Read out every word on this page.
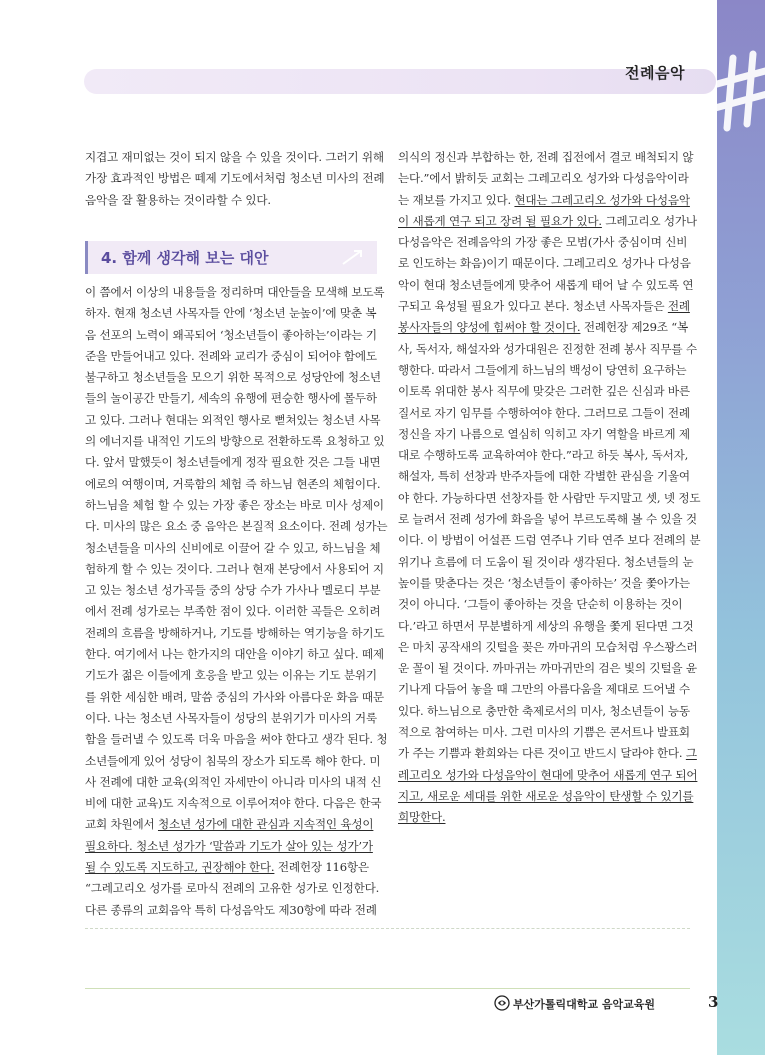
전례음악
지겹고 재미없는 것이 되지 않을 수 있을 것이다. 그러기 위해
가장 효과적인 방법은 떼제 기도에서처럼 청소년 미사의 전례
음악을 잘 활용하는 것이라할 수 있다.
4. 함께 생각해 보는 대안
이 쯤에서 이상의 내용들을 정리하며 대안들을 모색해 보도록
하자. 현재 청소년 사목자들 안에 ‘청소년 눈높이’에 맞춘 복
음 선포의 노력이 왜곡되어 ‘청소년들이 좋아하는’이라는 기
준을 만들어내고 있다. 전례와 교리가 중심이 되어야 함에도
불구하고 청소년들을 모으기 위한 목적으로 성당안에 청소년
들의 놀이공간 만들기, 세속의 유행에 편승한 행사에 몰두하
고 있다. 그러나 현대는 외적인 행사로 뻗쳐있는 청소년 사목
의 에너지를 내적인 기도의 방향으로 전환하도록 요청하고 있
다. 앞서 말했듯이 청소년들에게 정작 필요한 것은 그들 내면
에로의 여행이며, 거룩함의 체험 즉 하느님 현존의 체험이다.
하느님을 체험 할 수 있는 가장 좋은 장소는 바로 미사 성제이
다. 미사의 많은 요소 중 음악은 본질적 요소이다. 전례 성가는
청소년들을 미사의 신비에로 이끌어 갈 수 있고, 하느님을 체
험하게 할 수 있는 것이다. 그러나 현재 본당에서 사용되어 지
고 있는 청소년 성가곡들 중의 상당 수가 가사나 멜로디 부분
에서 전례 성가로는 부족한 점이 있다. 이러한 곡들은 오히려
전례의 흐름을 방해하거나, 기도를 방해하는 역기능을 하기도
한다. 여기에서 나는 한가지의 대안을 이야기 하고 싶다. 떼제
기도가 젊은 이들에게 호응을 받고 있는 이유는 기도 분위기
를 위한 세심한 배려, 말씀 중심의 가사와 아름다운 화음 때문
이다. 나는 청소년 사목자들이 성당의 분위기가 미사의 거룩
함을 들러낼 수 있도록 더욱 마음을 써야 한다고 생각 된다. 청
소년들에게 있어 성당이 침묵의 장소가 되도록 해야 한다. 미
사 전례에 대한 교육(외적인 자세만이 아니라 미사의 내적 신
비에 대한 교육)도 지속적으로 이루어져야 한다. 다음은 한국
교회 차원에서 청소년 성가에 대한 관심과 지속적인 육성이
필요하다. 청소년 성가가 ‘말씀과 기도가 살아 있는 성가’가
될 수 있도록 지도하고, 권장해야 한다. 전례헌장 116항은
“그레고리오 성가를 로마식 전례의 고유한 성가로 인정한다.
다른 종류의 교회음악 특히 다성음악도 제30항에 따라 전례
의식의 정신과 부합하는 한, 전례 집전에서 결코 배척되지 않
는다.”에서 밝히듯 교회는 그레고리오 성가와 다성음악이라
는 재보를 가지고 있다. 현대는 그레고리오 성가와 다성음악
이 새롭게 연구 되고 장려 될 필요가 있다. 그레고리오 성가나
다성음악은 전례음악의 가장 좋은 모범(가사 중심이며 신비
로 인도하는 화음)이기 때문이다. 그레고리오 성가나 다성음
악이 현대 청소년들에게 맞추어 새롭게 태어 날 수 있도록 연
구되고 육성될 필요가 있다고 본다. 청소년 사목자들은 전례
봉사자들의 양성에 힘써야 할 것이다. 전례헌장 제29조 “복
사, 독서자, 해설자와 성가대원은 진정한 전례 봉사 직무를 수
행한다. 따라서 그들에게 하느님의 백성이 당연히 요구하는
이토록 위대한 봉사 직무에 맞갖은 그러한 깊은 신심과 바른
질서로 자기 임무를 수행하여야 한다. 그러므로 그들이 전례
정신을 자기 나름으로 열심히 익히고 자기 역할을 바르게 제
대로 수행하도록 교육하여야 한다.”라고 하듯 복사, 독서자,
해설자, 특히 선창과 반주자들에 대한 각별한 관심을 기울여
야 한다. 가능하다면 선창자를 한 사람만 두지말고 셋, 넷 정도
로 늘려서 전례 성가에 화음을 넣어 부르도록해 볼 수 있을 것
이다. 이 방법이 어설픈 드럼 연주나 기타 연주 보다 전례의 분
위기나 흐름에 더 도움이 될 것이라 생각된다. 청소년들의 눈
높이를 맞춘다는 것은 ‘청소년들이 좋아하는’ 것을 쫓아가는
것이 아니다. ‘그들이 좋아하는 것을 단순히 이용하는 것이
다.’라고 하면서 무분별하게 세상의 유행을 쫓게 된다면 그것
은 마치 공작새의 깃털을 꽂은 까마귀의 모습처럼 우스꽝스러
운 꼴이 될 것이다. 까마귀는 까마귀만의 검은 빛의 깃털을 윤
기나게 다듬어 놓을 때 그만의 아름다움을 제대로 드어낼 수
있다. 하느님으로 충만한 축제로서의 미사, 청소년들이 능동
적으로 참여하는 미사. 그런 미사의 기쁨은 콘서트나 발표회
가 주는 기쁨과 환희와는 다른 것이고 반드시 달라야 한다. 그
레고리오 성가와 다성음악이 현대에 맞추어 새롭게 연구 되어
지고, 새로운 세대를 위한 새로운 성음악이 탄생할 수 있기를
희망한다.
부산가톨릭대학교 음악교육원	3
